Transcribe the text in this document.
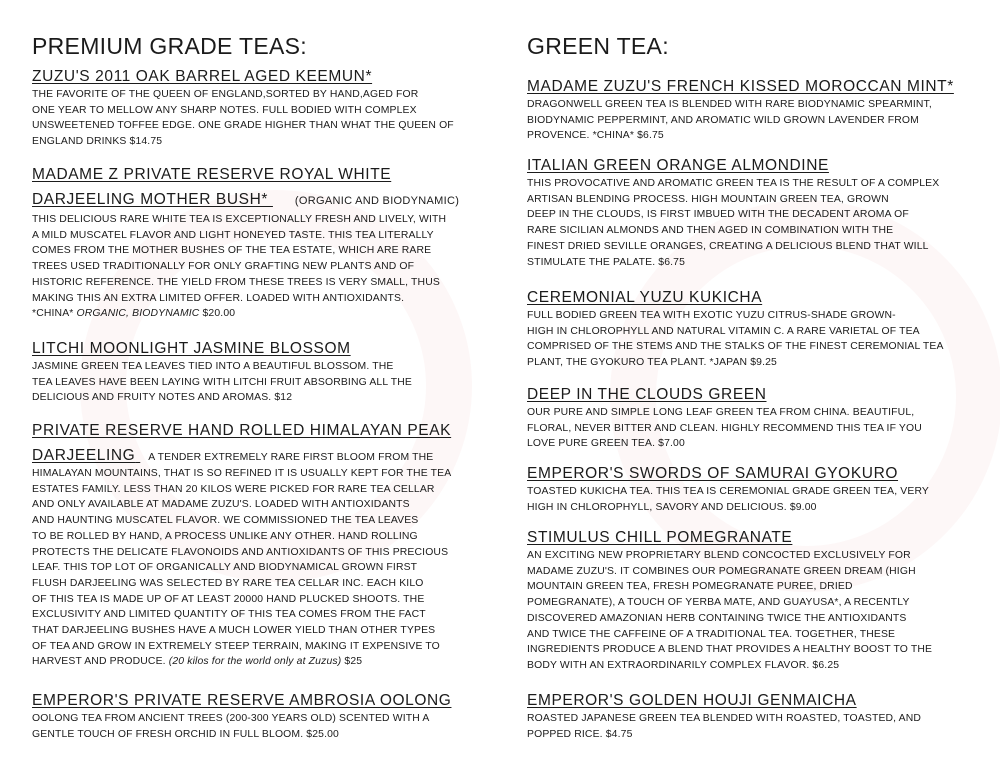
PREMIUM GRADE TEAS:
ZUZU'S 2011 OAK BARREL AGED KEEMUN*
THE FAVORITE OF THE QUEEN OF ENGLAND,SORTED BY HAND,AGED FOR
ONE YEAR TO MELLOW ANY SHARP NOTES. FULL BODIED WITH COMPLEX
UNSWEETENED TOFFEE EDGE. ONE GRADE HIGHER THAN WHAT THE QUEEN OF
ENGLAND DRINKS $14.75
MADAME Z PRIVATE RESERVE ROYAL WHITE
DARJEELING MOTHER BUSH* (ORGANIC AND BIODYNAMIC)
THIS DELICIOUS RARE WHITE TEA IS EXCEPTIONALLY FRESH AND LIVELY, WITH
A MILD MUSCATEL FLAVOR AND LIGHT HONEYED TASTE. THIS TEA LITERALLY
COMES FROM THE MOTHER BUSHES OF THE TEA ESTATE, WHICH ARE RARE
TREES USED TRADITIONALLY FOR ONLY GRAFTING NEW PLANTS AND OF
HISTORIC REFERENCE. THE YIELD FROM THESE TREES IS VERY SMALL, THUS
MAKING THIS AN EXTRA LIMITED OFFER. LOADED WITH ANTIOXIDANTS.
*CHINA* ORGANIC, BIODYNAMIC $20.00
LITCHI MOONLIGHT JASMINE BLOSSOM
JASMINE GREEN TEA LEAVES TIED INTO A BEAUTIFUL BLOSSOM. THE
TEA LEAVES HAVE BEEN LAYING WITH LITCHI FRUIT ABSORBING ALL THE
DELICIOUS AND FRUITY NOTES AND AROMAS. $12
PRIVATE RESERVE HAND ROLLED HIMALAYAN PEAK
DARJEELING A TENDER EXTREMELY RARE FIRST BLOOM FROM THE
HIMALAYAN MOUNTAINS, THAT IS SO REFINED IT IS USUALLY KEPT FOR THE TEA
ESTATES FAMILY. LESS THAN 20 KILOS WERE PICKED FOR RARE TEA CELLAR
AND ONLY AVAILABLE AT MADAME ZUZU'S. LOADED WITH ANTIOXIDANTS
AND HAUNTING MUSCATEL FLAVOR. WE COMMISSIONED THE TEA LEAVES
TO BE ROLLED BY HAND, A PROCESS UNLIKE ANY OTHER. HAND ROLLING
PROTECTS THE DELICATE FLAVONOIDS AND ANTIOXIDANTS OF THIS PRECIOUS
LEAF. THIS TOP LOT OF ORGANICALLY AND BIODYNAMICAL GROWN FIRST
FLUSH DARJEELING WAS SELECTED BY RARE TEA CELLAR INC. EACH KILO
OF THIS TEA IS MADE UP OF AT LEAST 20000 HAND PLUCKED SHOOTS. THE
EXCLUSIVITY AND LIMITED QUANTITY OF THIS TEA COMES FROM THE FACT
THAT DARJEELING BUSHES HAVE A MUCH LOWER YIELD THAN OTHER TYPES
OF TEA AND GROW IN EXTREMELY STEEP TERRAIN, MAKING IT EXPENSIVE TO
HARVEST AND PRODUCE. (20 kilos for the world only at Zuzus) $25
EMPEROR'S PRIVATE RESERVE AMBROSIA OOLONG
OOLONG TEA FROM ANCIENT TREES (200-300 YEARS OLD) SCENTED WITH A
GENTLE TOUCH OF FRESH ORCHID IN FULL BLOOM. $25.00
GREEN TEA:
MADAME ZUZU'S FRENCH KISSED MOROCCAN MINT*
DRAGONWELL GREEN TEA IS BLENDED WITH RARE BIODYNAMIC SPEARMINT,
BIODYNAMIC PEPPERMINT, AND AROMATIC WILD GROWN LAVENDER FROM
PROVENCE. *CHINA* $6.75
ITALIAN GREEN ORANGE ALMONDINE
THIS PROVOCATIVE AND AROMATIC GREEN TEA IS THE RESULT OF A COMPLEX
ARTISAN BLENDING PROCESS. HIGH MOUNTAIN GREEN TEA, GROWN
DEEP IN THE CLOUDS, IS FIRST IMBUED WITH THE DECADENT AROMA OF
RARE SICILIAN ALMONDS AND THEN AGED IN COMBINATION WITH THE
FINEST DRIED SEVILLE ORANGES, CREATING A DELICIOUS BLEND THAT WILL
STIMULATE THE PALATE. $6.75
CEREMONIAL YUZU KUKICHA
FULL BODIED GREEN TEA WITH EXOTIC YUZU CITRUS-SHADE GROWN-
HIGH IN CHLOROPHYLL AND NATURAL VITAMIN C. A RARE VARIETAL OF TEA
COMPRISED OF THE STEMS AND THE STALKS OF THE FINEST CEREMONIAL TEA
PLANT, THE GYOKURO TEA PLANT. *JAPAN $9.25
DEEP IN THE CLOUDS GREEN
OUR PURE AND SIMPLE LONG LEAF GREEN TEA FROM CHINA. BEAUTIFUL,
FLORAL, NEVER BITTER AND CLEAN. HIGHLY RECOMMEND THIS TEA IF YOU
LOVE PURE GREEN TEA. $7.00
EMPEROR'S SWORDS OF SAMURAI GYOKURO
TOASTED KUKICHA TEA. THIS TEA IS CEREMONIAL GRADE GREEN TEA, VERY
HIGH IN CHLOROPHYLL, SAVORY AND DELICIOUS. $9.00
STIMULUS CHILL POMEGRANATE
AN EXCITING NEW PROPRIETARY BLEND CONCOCTED EXCLUSIVELY FOR
MADAME ZUZU'S. IT COMBINES OUR POMEGRANATE GREEN DREAM (HIGH
MOUNTAIN GREEN TEA, FRESH POMEGRANATE PUREE, DRIED
POMEGRANATE), A TOUCH OF YERBA MATE, AND GUAYUSA*, A RECENTLY
DISCOVERED AMAZONIAN HERB CONTAINING TWICE THE ANTIOXIDANTS
AND TWICE THE CAFFEINE OF A TRADITIONAL TEA. TOGETHER, THESE
INGREDIENTS PRODUCE A BLEND THAT PROVIDES A HEALTHY BOOST TO THE
BODY WITH AN EXTRAORDINARILY COMPLEX FLAVOR. $6.25
EMPEROR'S GOLDEN HOUJI GENMAICHA
ROASTED JAPANESE GREEN TEA BLENDED WITH ROASTED, TOASTED, AND
POPPED RICE. $4.75
